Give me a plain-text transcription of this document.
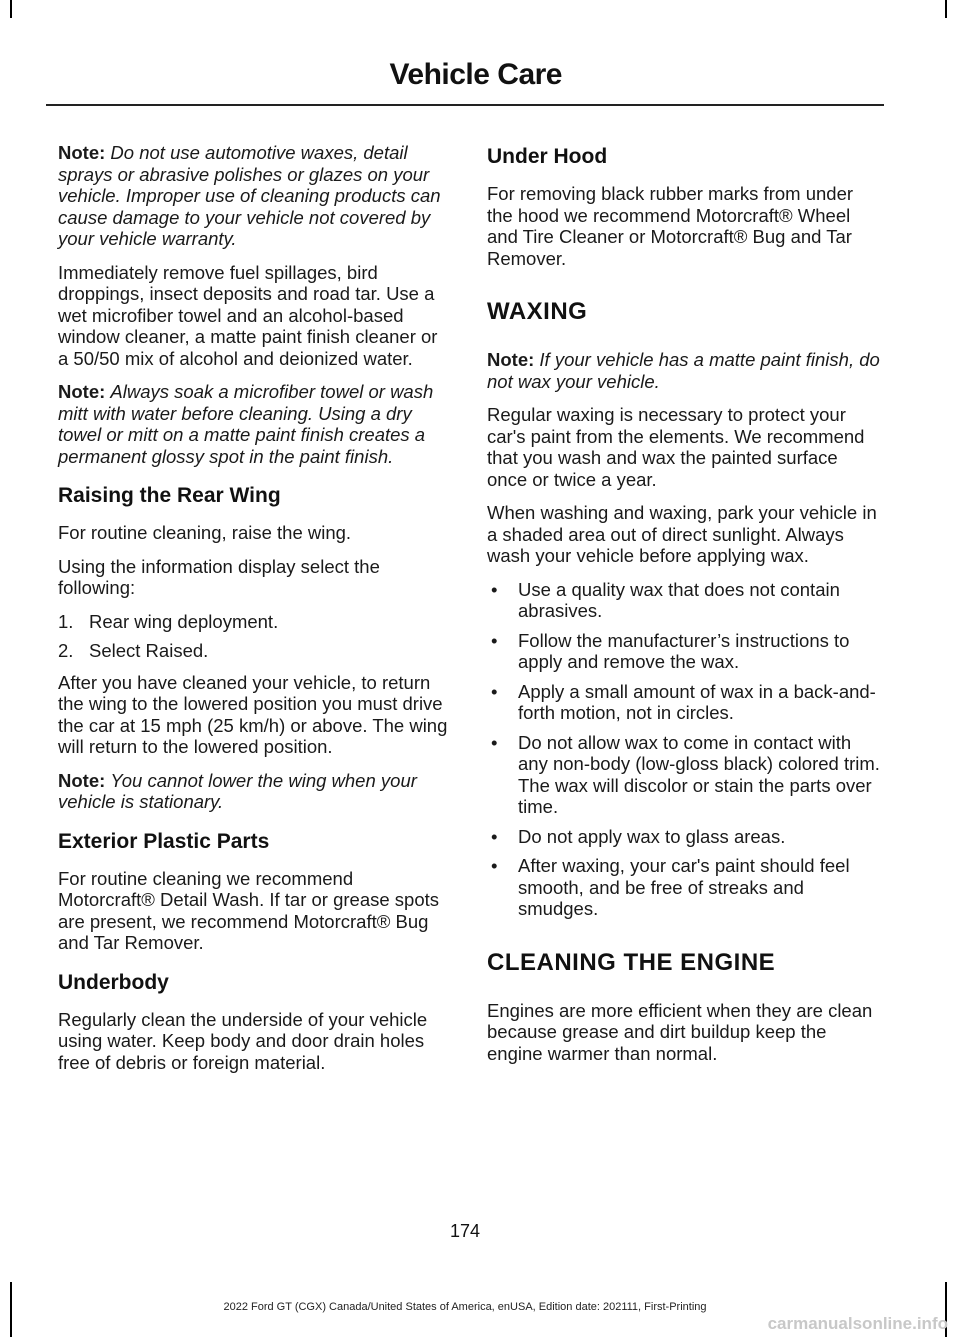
Vehicle Care

Note: Do not use automotive waxes, detail sprays or abrasive polishes or glazes on your vehicle. Improper use of cleaning products can cause damage to your vehicle not covered by your vehicle warranty.

Immediately remove fuel spillages, bird droppings, insect deposits and road tar. Use a wet microfiber towel and an alcohol-based window cleaner, a matte paint finish cleaner or a 50/50 mix of alcohol and deionized water.

Note: Always soak a microfiber towel or wash mitt with water before cleaning. Using a dry towel or mitt on a matte paint finish creates a permanent glossy spot in the paint finish.

Raising the Rear Wing

For routine cleaning, raise the wing.

Using the information display select the following:

1. Rear wing deployment.
2. Select Raised.

After you have cleaned your vehicle, to return the wing to the lowered position you must drive the car at 15 mph (25 km/h) or above. The wing will return to the lowered position.

Note: You cannot lower the wing when your vehicle is stationary.

Exterior Plastic Parts

For routine cleaning we recommend Motorcraft® Detail Wash. If tar or grease spots are present, we recommend Motorcraft® Bug and Tar Remover.

Underbody

Regularly clean the underside of your vehicle using water. Keep body and door drain holes free of debris or foreign material.

Under Hood

For removing black rubber marks from under the hood we recommend Motorcraft® Wheel and Tire Cleaner or Motorcraft® Bug and Tar Remover.

WAXING

Note: If your vehicle has a matte paint finish, do not wax your vehicle.

Regular waxing is necessary to protect your car's paint from the elements. We recommend that you wash and wax the painted surface once or twice a year.

When washing and waxing, park your vehicle in a shaded area out of direct sunlight. Always wash your vehicle before applying wax.

• Use a quality wax that does not contain abrasives.
• Follow the manufacturer’s instructions to apply and remove the wax.
• Apply a small amount of wax in a back-and-forth motion, not in circles.
• Do not allow wax to come in contact with any non-body (low-gloss black) colored trim. The wax will discolor or stain the parts over time.
• Do not apply wax to glass areas.
• After waxing, your car's paint should feel smooth, and be free of streaks and smudges.
CLEANING THE ENGINE

Engines are more efficient when they are clean because grease and dirt buildup keep the engine warmer than normal.

174
2022 Ford GT (CGX) Canada/United States of America, enUSA, Edition date: 202111, First-Printing
carmanualsonline.info
